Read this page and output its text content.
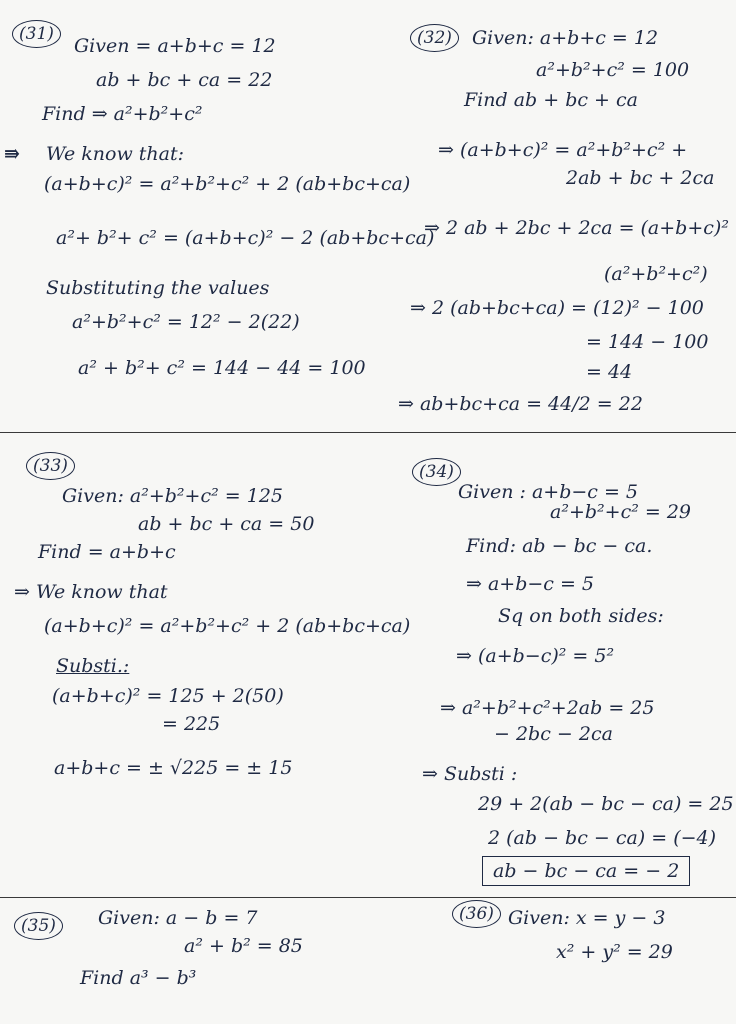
(31)
Given = a+b+c = 12
ab + bc + ca = 22
Find ⇒ a²+b²+c²
⇛ We know that:
(a+b+c)² = a²+b²+c² + 2 (ab+bc+ca)
a²+ b²+ c² = (a+b+c)² − 2 (ab+bc+ca)
Substituting the values
a²+b²+c² = 12² − 2(22)
a² + b²+ c² = 144 − 44 = 100
(32)	Given: a+b+c = 12
a²+b²+c² = 100
Find ab + bc + ca
⇒ (a+b+c)² = a²+b²+c² +
2ab + bc + 2ca
⇒ 2 ab + 2bc + 2ca = (a+b+c)²
(a²+b²+c²)
⇒ 2 (ab+bc+ca) = (12)² − 100
= 144 − 100
= 44
⇒ ab+bc+ca = 44/2 = 22
(33)
Given: a²+b²+c² = 125
ab + bc + ca = 50
Find = a+b+c
⇒ We know that
(a+b+c)² = a²+b²+c² + 2 (ab+bc+ca)
Substi.:
(a+b+c)² = 125 + 2(50)
= 225
a+b+c = ± √225 = ± 15
(34)
Given : a+b−c = 5
a²+b²+c² = 29
Find: ab − bc − ca.
⇒ a+b−c = 5
Sq on both sides:
⇒ (a+b−c)² = 5²
⇒ a²+b²+c²+2ab = 25
− 2bc − 2ca
⇒ Substi :
29 + 2(ab − bc − ca) = 25
2 (ab − bc − ca) = (−4)
ab − bc − ca = − 2
(35)	Given: a − b = 7
a² + b² = 85
Find a³ − b³
(36) Given: x = y − 3
x² + y² = 29
